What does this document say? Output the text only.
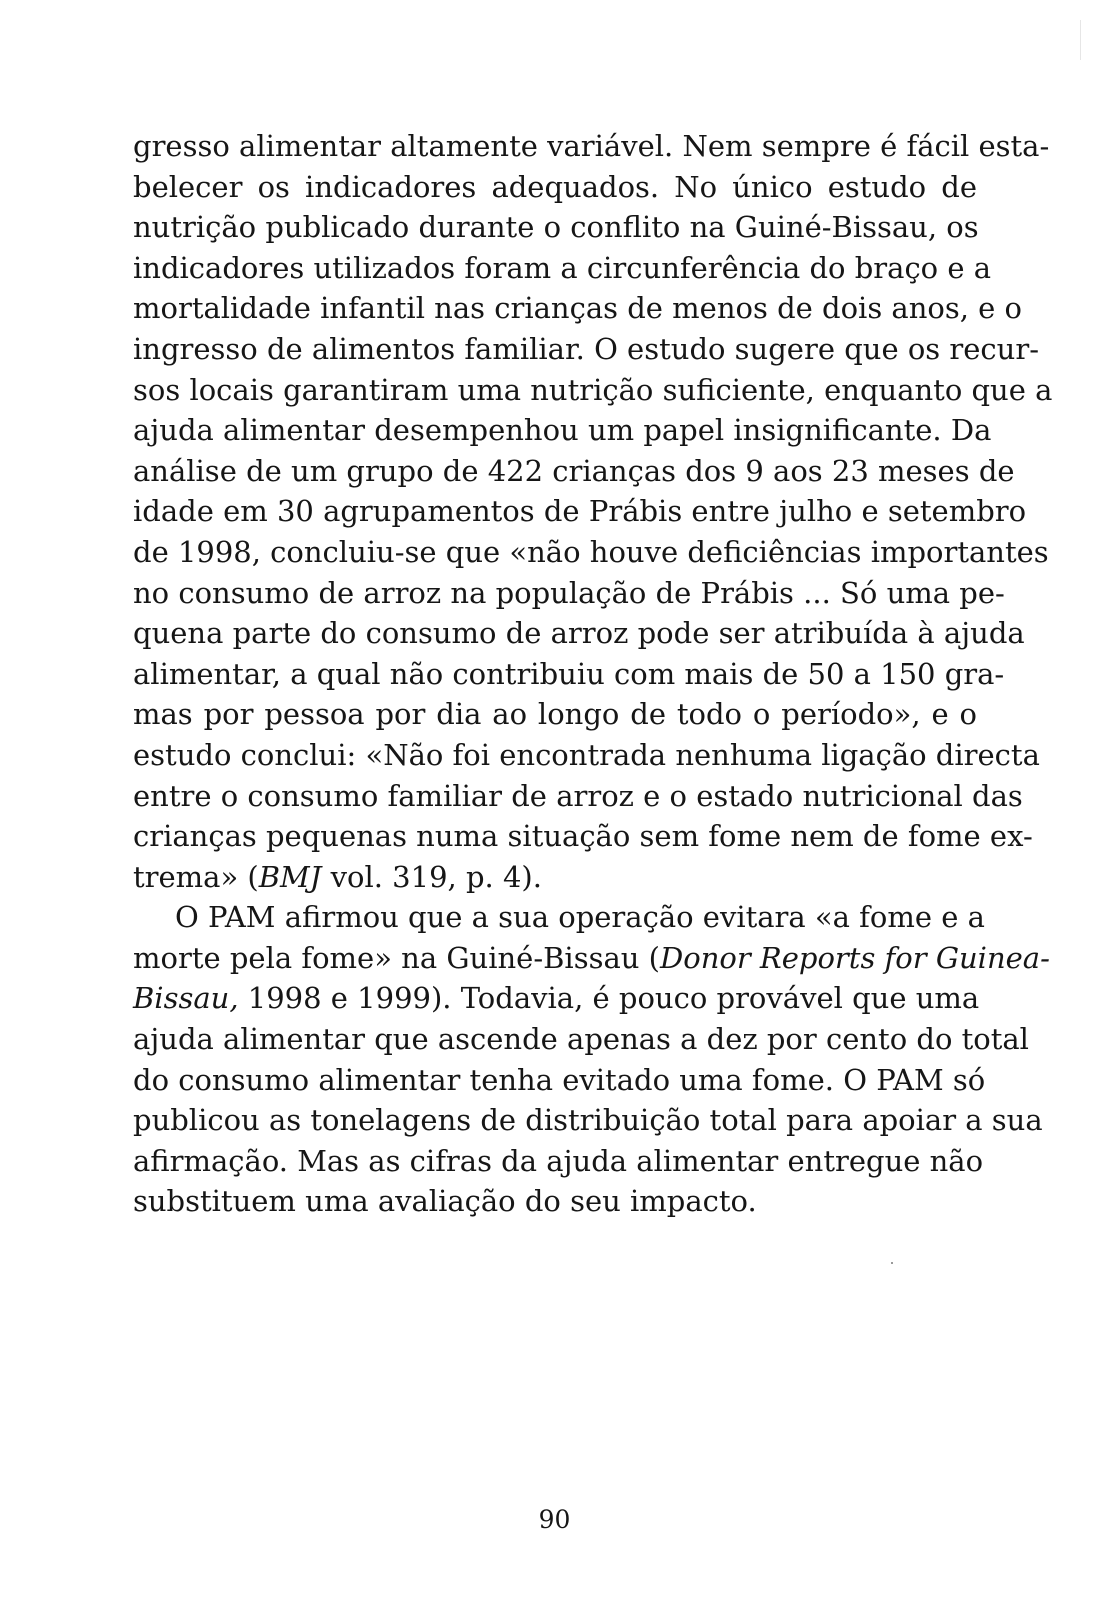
gresso alimentar altamente variável. Nem sempre é fácil esta-
belecer os indicadores adequados. No único estudo de
nutrição publicado durante o conflito na Guiné-Bissau, os
indicadores utilizados foram a circunferência do braço e a
mortalidade infantil nas crianças de menos de dois anos, e o
ingresso de alimentos familiar. O estudo sugere que os recur-
sos locais garantiram uma nutrição suficiente, enquanto que a
ajuda alimentar desempenhou um papel insignificante. Da
análise de um grupo de 422 crianças dos 9 aos 23 meses de
idade em 30 agrupamentos de Prábis entre julho e setembro
de 1998, concluiu-se que «não houve deficiências importantes
no consumo de arroz na população de Prábis ... Só uma pe-
quena parte do consumo de arroz pode ser atribuída à ajuda
alimentar, a qual não contribuiu com mais de 50 a 150 gra-
mas por pessoa por dia ao longo de todo o período», e o
estudo conclui: «Não foi encontrada nenhuma ligação directa
entre o consumo familiar de arroz e o estado nutricional das
crianças pequenas numa situação sem fome nem de fome ex-
trema» (BMJ vol. 319, p. 4).
O PAM afirmou que a sua operação evitara «a fome e a
morte pela fome» na Guiné-Bissau (Donor Reports for Guinea-
Bissau, 1998 e 1999). Todavia, é pouco provável que uma
ajuda alimentar que ascende apenas a dez por cento do total
do consumo alimentar tenha evitado uma fome. O PAM só
publicou as tonelagens de distribuição total para apoiar a sua
afirmação. Mas as cifras da ajuda alimentar entregue não
substituem uma avaliação do seu impacto.
90
